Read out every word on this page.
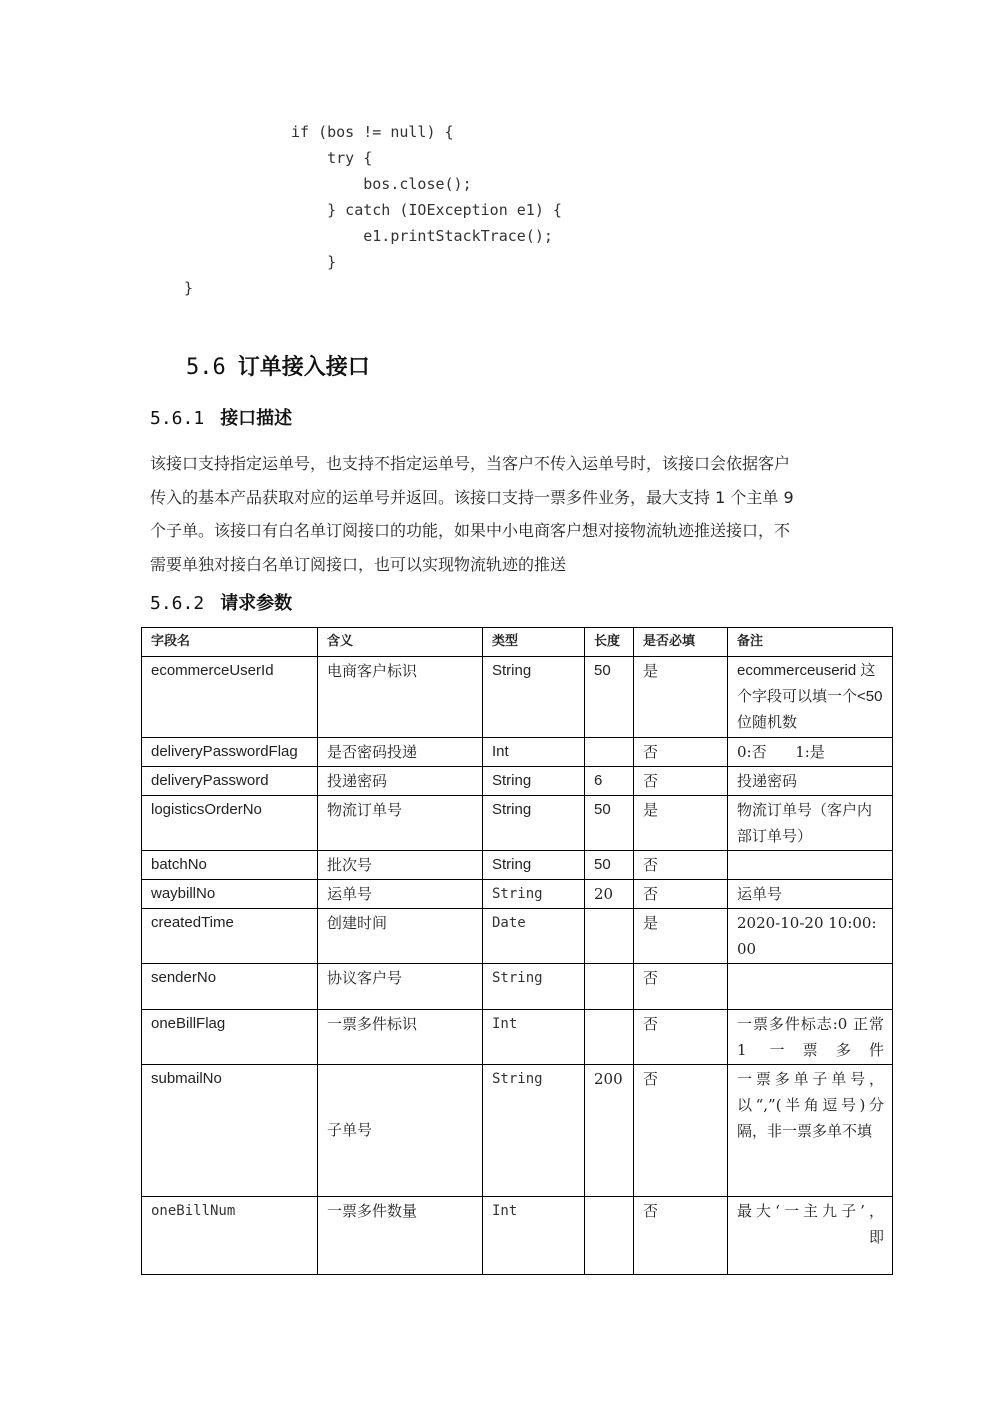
if (bos != null) {
try {
bos.close();
} catch (IOException e1) {
e1.printStackTrace();
}
}
5.6 订单接入接口
5.6.1 接口描述
该接口支持指定运单号，也支持不指定运单号，当客户不传入运单号时，该接口会依据客户
传入的基本产品获取对应的运单号并返回。该接口支持一票多件业务，最大支持 1 个主单 9
个子单。该接口有白名单订阅接口的功能，如果中小电商客户想对接物流轨迹推送接口，不
需要单独对接白名单订阅接口，也可以实现物流轨迹的推送
5.6.2 请求参数
字段名	含义	类型	长度	是否必填	备注
ecommerceUserId	电商客户标识	String	50	是	ecommerceuserid 这个字段可以填一个<50 位随机数
deliveryPasswordFlag	是否密码投递	Int		否	0:否      1:是
deliveryPassword	投递密码	String	6	否	投递密码
logisticsOrderNo	物流订单号	String	50	是	物流订单号（客户内部订单号）
batchNo	批次号	String	50	否	
waybillNo	运单号	String	20	否	运单号
createdTime	创建时间	Date		是	2020-10-20 10:00:00
senderNo	协议客户号	String		否	
oneBillFlag	一票多件标识	Int		否	一票多件标志:0 正常 1 一票多件
submailNo	子单号	String	200	否	一票多单子单号，以“,”(半角逗号)分隔，非一票多单不填
oneBillNum	一票多件数量	Int		否	最大‘一主九子’，
即
